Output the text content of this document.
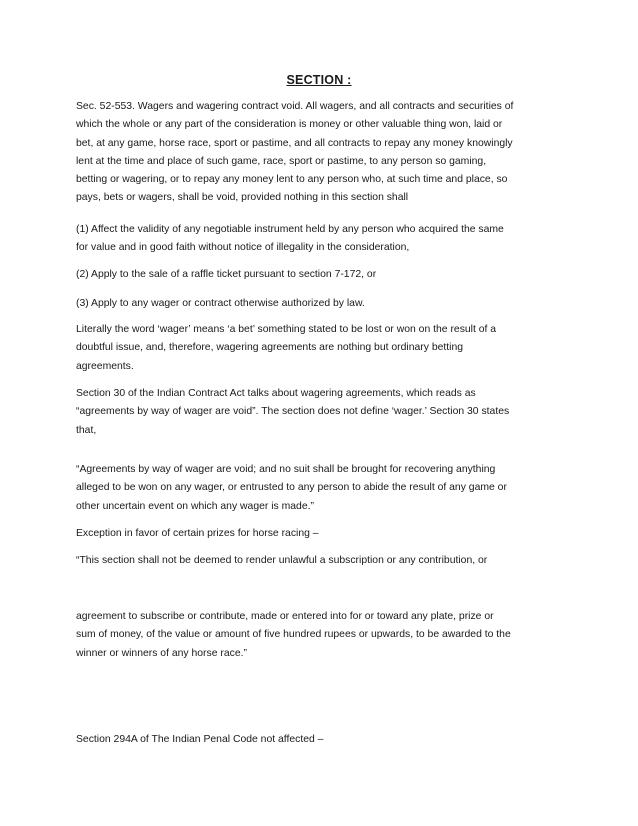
SECTION :

Sec. 52-553. Wagers and wagering contract void. All wagers, and all contracts and securities of
which the whole or any part of the consideration is money or other valuable thing won, laid or
bet, at any game, horse race, sport or pastime, and all contracts to repay any money knowingly
lent at the time and place of such game, race, sport or pastime, to any person so gaming,
betting or wagering, or to repay any money lent to any person who, at such time and place, so
pays, bets or wagers, shall be void, provided nothing in this section shall

(1) Affect the validity of any negotiable instrument held by any person who acquired the same
for value and in good faith without notice of illegality in the consideration,

(2) Apply to the sale of a raffle ticket pursuant to section 7-172, or

(3) Apply to any wager or contract otherwise authorized by law.

Literally the word ‘wager’ means ‘a bet’ something stated to be lost or won on the result of a
doubtful issue, and, therefore, wagering agreements are nothing but ordinary betting
agreements.

Section 30 of the Indian Contract Act talks about wagering agreements, which reads as
“agreements by way of wager are void”. The section does not define ‘wager.’ Section 30 states
that,

“Agreements by way of wager are void; and no suit shall be brought for recovering anything
alleged to be won on any wager, or entrusted to any person to abide the result of any game or
other uncertain event on which any wager is made.”

Exception in favor of certain prizes for horse racing –

“This section shall not be deemed to render unlawful a subscription or any contribution, or

agreement to subscribe or contribute, made or entered into for or toward any plate, prize or
sum of money, of the value or amount of five hundred rupees or upwards, to be awarded to the
winner or winners of any horse race.”

Section 294A of The Indian Penal Code not affected –
